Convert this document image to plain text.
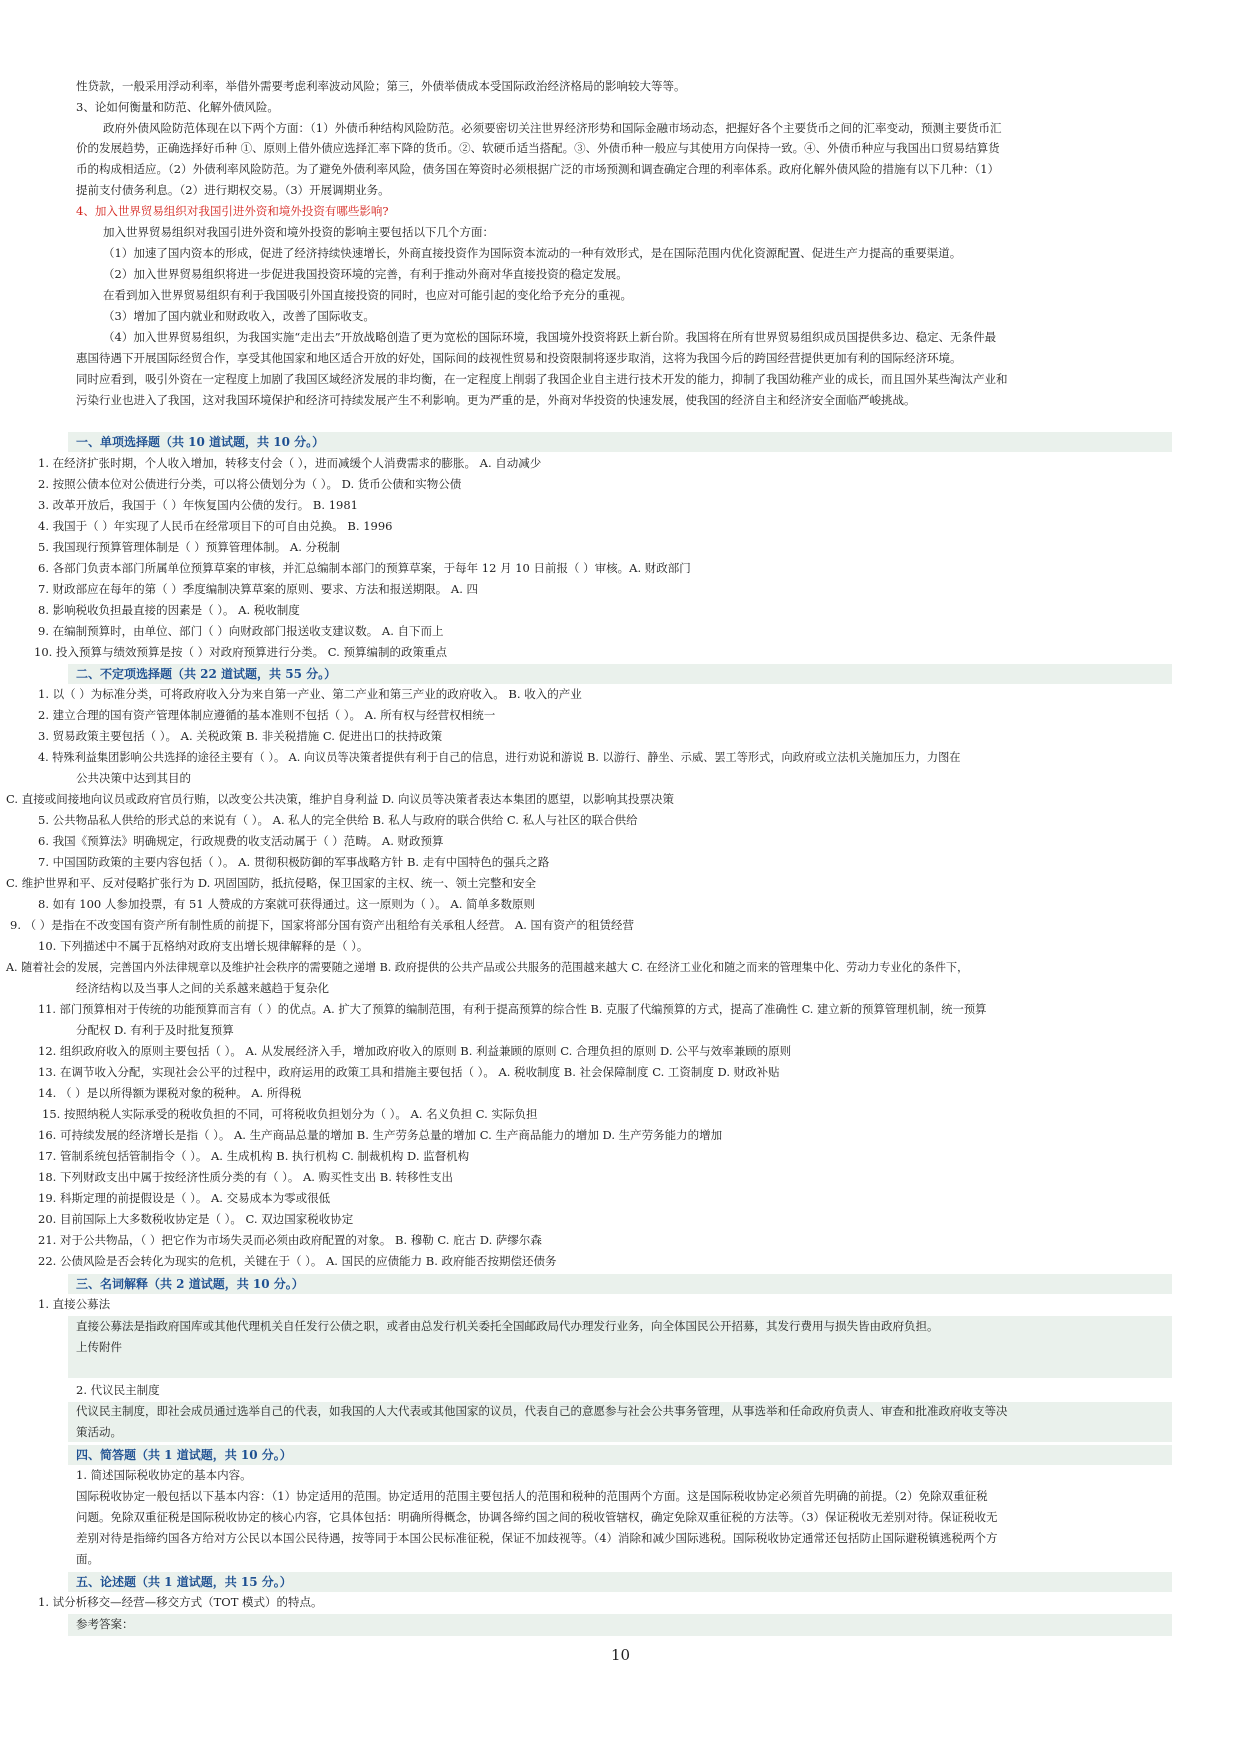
性贷款，一般采用浮动利率，举借外需要考虑利率波动风险；第三，外债举债成本受国际政治经济格局的影响较大等等。
3、论如何衡量和防范、化解外债风险。
政府外债风险防范体现在以下两个方面：（1）外债币种结构风险防范。必须要密切关注世界经济形势和国际金融市场动态，把握好各个主要货币之间的汇率变动，预测主要货币汇
价的发展趋势，正确选择好币种 ①、原则上借外债应选择汇率下降的货币。②、软硬币适当搭配。③、外债币种一般应与其使用方向保持一致。④、外债币种应与我国出口贸易结算货
币的构成相适应。（2）外债利率风险防范。为了避免外债利率风险，债务国在筹资时必须根据广泛的市场预测和调查确定合理的利率体系。政府化解外债风险的措施有以下几种：（1）
提前支付债务利息。（2）进行期权交易。（3）开展调期业务。
4、加入世界贸易组织对我国引进外资和境外投资有哪些影响?
加入世界贸易组织对我国引进外资和境外投资的影响主要包括以下几个方面：
（1）加速了国内资本的形成，促进了经济持续快速增长，外商直接投资作为国际资本流动的一种有效形式，是在国际范围内优化资源配置、促进生产力提高的重要渠道。
（2）加入世界贸易组织将进一步促进我国投资环境的完善，有利于推动外商对华直接投资的稳定发展。
在看到加入世界贸易组织有利于我国吸引外国直接投资的同时，也应对可能引起的变化给予充分的重视。
（3）增加了国内就业和财政收入，改善了国际收支。
（4）加入世界贸易组织，为我国实施“走出去”开放战略创造了更为宽松的国际环境，我国境外投资将跃上新台阶。我国将在所有世界贸易组织成员国提供多边、稳定、无条件最
惠国待遇下开展国际经贸合作，享受其他国家和地区适合开放的好处，国际间的歧视性贸易和投资限制将逐步取消，这将为我国今后的跨国经营提供更加有利的国际经济环境。
同时应看到，吸引外资在一定程度上加剧了我国区域经济发展的非均衡，在一定程度上削弱了我国企业自主进行技术开发的能力，抑制了我国幼稚产业的成长，而且国外某些淘汰产业和
污染行业也进入了我国，这对我国环境保护和经济可持续发展产生不利影响。更为严重的是，外商对华投资的快速发展，使我国的经济自主和经济安全面临严峻挑战。
一、单项选择题（共 10 道试题，共 10 分。）
1. 在经济扩张时期，个人收入增加，转移支付会（ ），进而减缓个人消费需求的膨胀。 A. 自动减少
2. 按照公债本位对公债进行分类，可以将公债划分为（ ）。 D. 货币公债和实物公债
3. 改革开放后，我国于（ ）年恢复国内公债的发行。 B. 1981
4. 我国于（ ）年实现了人民币在经常项目下的可自由兑换。 B. 1996
5. 我国现行预算管理体制是（ ）预算管理体制。 A. 分税制
6. 各部门负责本部门所属单位预算草案的审核，并汇总编制本部门的预算草案，于每年 12 月 10 日前报（ ）审核。A. 财政部门
7. 财政部应在每年的第（ ）季度编制决算草案的原则、要求、方法和报送期限。 A. 四
8. 影响税收负担最直接的因素是（ ）。 A. 税收制度
9. 在编制预算时，由单位、部门（ ）向财政部门报送收支建议数。 A. 自下而上
10. 投入预算与绩效预算是按（ ）对政府预算进行分类。 C. 预算编制的政策重点
二、不定项选择题（共 22 道试题，共 55 分。）
1. 以（ ）为标准分类，可将政府收入分为来自第一产业、第二产业和第三产业的政府收入。 B. 收入的产业
2. 建立合理的国有资产管理体制应遵循的基本准则不包括（ ）。 A. 所有权与经营权相统一
3. 贸易政策主要包括（ ）。 A. 关税政策 B. 非关税措施 C. 促进出口的扶持政策
4. 特殊利益集团影响公共选择的途径主要有（ ）。 A. 向议员等决策者提供有利于自己的信息，进行劝说和游说 B. 以游行、静坐、示威、罢工等形式，向政府或立法机关施加压力，力图在
公共决策中达到其目的
C. 直接或间接地向议员或政府官员行贿，以改变公共决策，维护自身利益 D. 向议员等决策者表达本集团的愿望，以影响其投票决策
5. 公共物品私人供给的形式总的来说有（ ）。 A. 私人的完全供给 B. 私人与政府的联合供给 C. 私人与社区的联合供给
6. 我国《预算法》明确规定，行政规费的收支活动属于（ ）范畴。 A. 财政预算
7. 中国国防政策的主要内容包括（ ）。 A. 贯彻积极防御的军事战略方针 B. 走有中国特色的强兵之路
C. 维护世界和平、反对侵略扩张行为 D. 巩固国防，抵抗侵略，保卫国家的主权、统一、领土完整和安全
8. 如有 100 人参加投票，有 51 人赞成的方案就可获得通过。这一原则为（ ）。 A. 简单多数原则
9. （ ）是指在不改变国有资产所有制性质的前提下，国家将部分国有资产出租给有关承租人经营。 A. 国有资产的租赁经营
10. 下列描述中不属于瓦格纳对政府支出增长规律解释的是（ ）。
A. 随着社会的发展，完善国内外法律规章以及维护社会秩序的需要随之递增 B. 政府提供的公共产品或公共服务的范围越来越大 C. 在经济工业化和随之而来的管理集中化、劳动力专业化的条件下，
经济结构以及当事人之间的关系越来越趋于复杂化
11. 部门预算相对于传统的功能预算而言有（ ）的优点。A. 扩大了预算的编制范围，有利于提高预算的综合性 B. 克服了代编预算的方式，提高了准确性 C. 建立新的预算管理机制，统一预算
分配权 D. 有利于及时批复预算
12. 组织政府收入的原则主要包括（ ）。 A. 从发展经济入手，增加政府收入的原则 B. 利益兼顾的原则 C. 合理负担的原则 D. 公平与效率兼顾的原则
13. 在调节收入分配，实现社会公平的过程中，政府运用的政策工具和措施主要包括（ ）。 A. 税收制度 B. 社会保障制度 C. 工资制度 D. 财政补贴
14. （ ）是以所得额为课税对象的税种。 A. 所得税
15. 按照纳税人实际承受的税收负担的不同，可将税收负担划分为（ ）。 A. 名义负担 C. 实际负担
16. 可持续发展的经济增长是指（ ）。 A. 生产商品总量的增加 B. 生产劳务总量的增加 C. 生产商品能力的增加 D. 生产劳务能力的增加
17. 管制系统包括管制指令（ ）。 A. 生成机构 B. 执行机构 C. 制裁机构 D. 监督机构
18. 下列财政支出中属于按经济性质分类的有（ ）。 A. 购买性支出 B. 转移性支出
19. 科斯定理的前提假设是（ ）。 A. 交易成本为零或很低
20. 目前国际上大多数税收协定是（ ）。 C. 双边国家税收协定
21. 对于公共物品，（ ）把它作为市场失灵而必须由政府配置的对象。 B. 穆勒 C. 庇古 D. 萨缪尔森
22. 公债风险是否会转化为现实的危机，关键在于（ ）。 A. 国民的应债能力 B. 政府能否按期偿还债务
三、名词解释（共 2 道试题，共 10 分。）
1. 直接公募法
直接公募法是指政府国库或其他代理机关自任发行公债之职，或者由总发行机关委托全国邮政局代办理发行业务，向全体国民公开招募，其发行费用与损失皆由政府负担。
上传附件
2. 代议民主制度
代议民主制度，即社会成员通过选举自己的代表，如我国的人大代表或其他国家的议员，代表自己的意愿参与社会公共事务管理，从事选举和任命政府负责人、审查和批准政府收支等决
策活动。
四、简答题（共 1 道试题，共 10 分。）
1. 简述国际税收协定的基本内容。
国际税收协定一般包括以下基本内容：（1）协定适用的范围。协定适用的范围主要包括人的范围和税种的范围两个方面。这是国际税收协定必须首先明确的前提。（2）免除双重征税
问题。免除双重征税是国际税收协定的核心内容，它具体包括：明确所得概念，协调各缔约国之间的税收管辖权，确定免除双重征税的方法等。（3）保证税收无差别对待。保证税收无
差别对待是指缔约国各方给对方公民以本国公民待遇，按等同于本国公民标准征税，保证不加歧视等。（4）消除和减少国际逃税。国际税收协定通常还包括防止国际避税镇逃税两个方
面。
五、论述题（共 1 道试题，共 15 分。）
1. 试分析移交—经营—移交方式（TOT 模式）的特点。
参考答案：
10
